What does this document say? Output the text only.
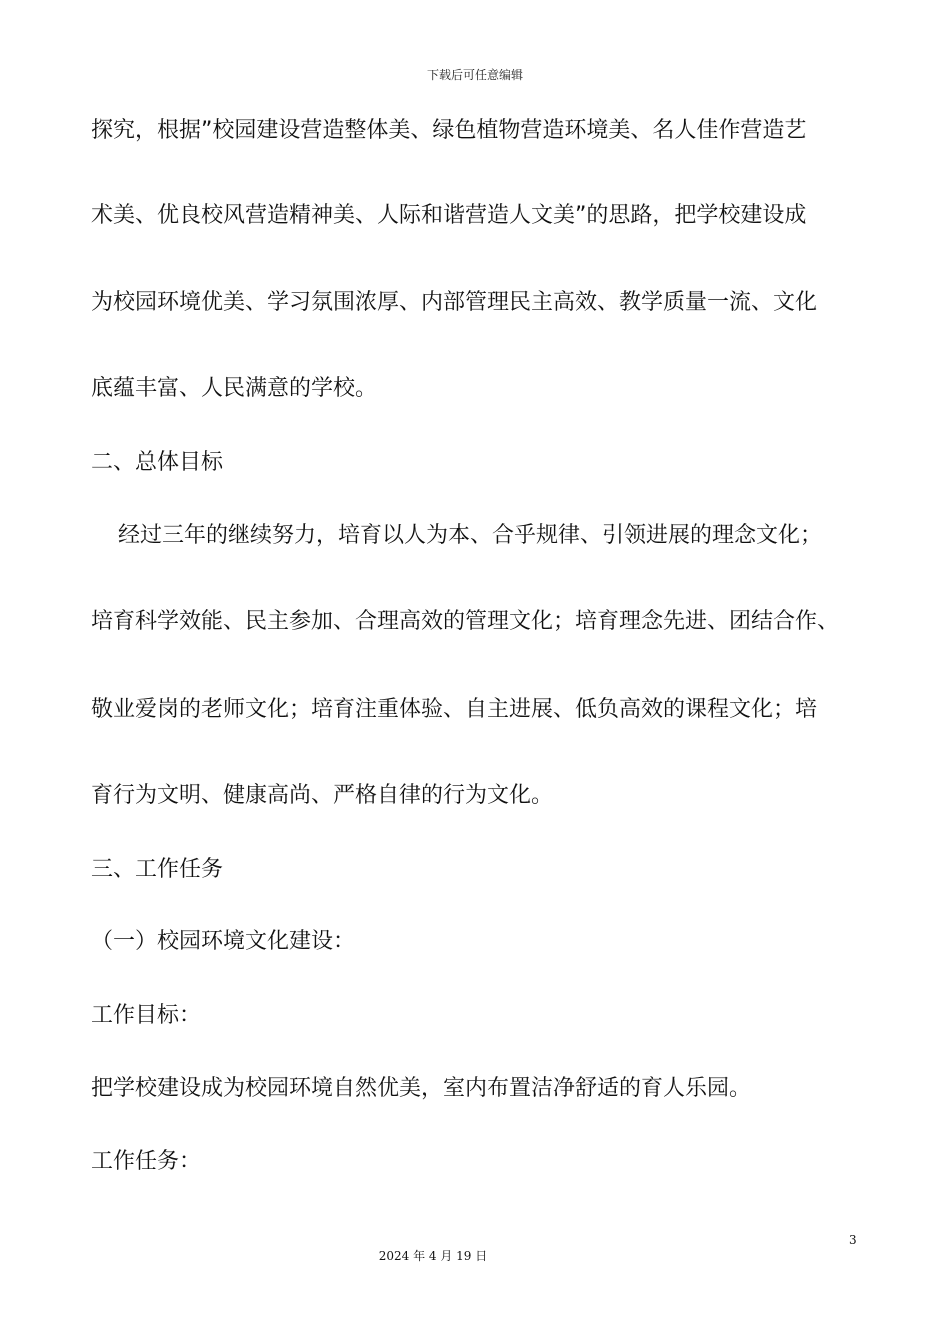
下载后可任意编辑
探究，根据”校园建设营造整体美、绿色植物营造环境美、名人佳作营造艺
术美、优良校风营造精神美、人际和谐营造人文美”的思路，把学校建设成
为校园环境优美、学习氛围浓厚、内部管理民主高效、教学质量一流、文化
底蕴丰富、人民满意的学校。
二、总体目标
经过三年的继续努力，培育以人为本、合乎规律、引领进展的理念文化；
培育科学效能、民主参加、合理高效的管理文化；培育理念先进、团结合作、
敬业爱岗的老师文化；培育注重体验、自主进展、低负高效的课程文化；培
育行为文明、健康高尚、严格自律的行为文化。
三、工作任务
（一）校园环境文化建设：
工作目标：
把学校建设成为校园环境自然优美，室内布置洁净舒适的育人乐园。
工作任务：
3
2024 年 4 月 19 日
